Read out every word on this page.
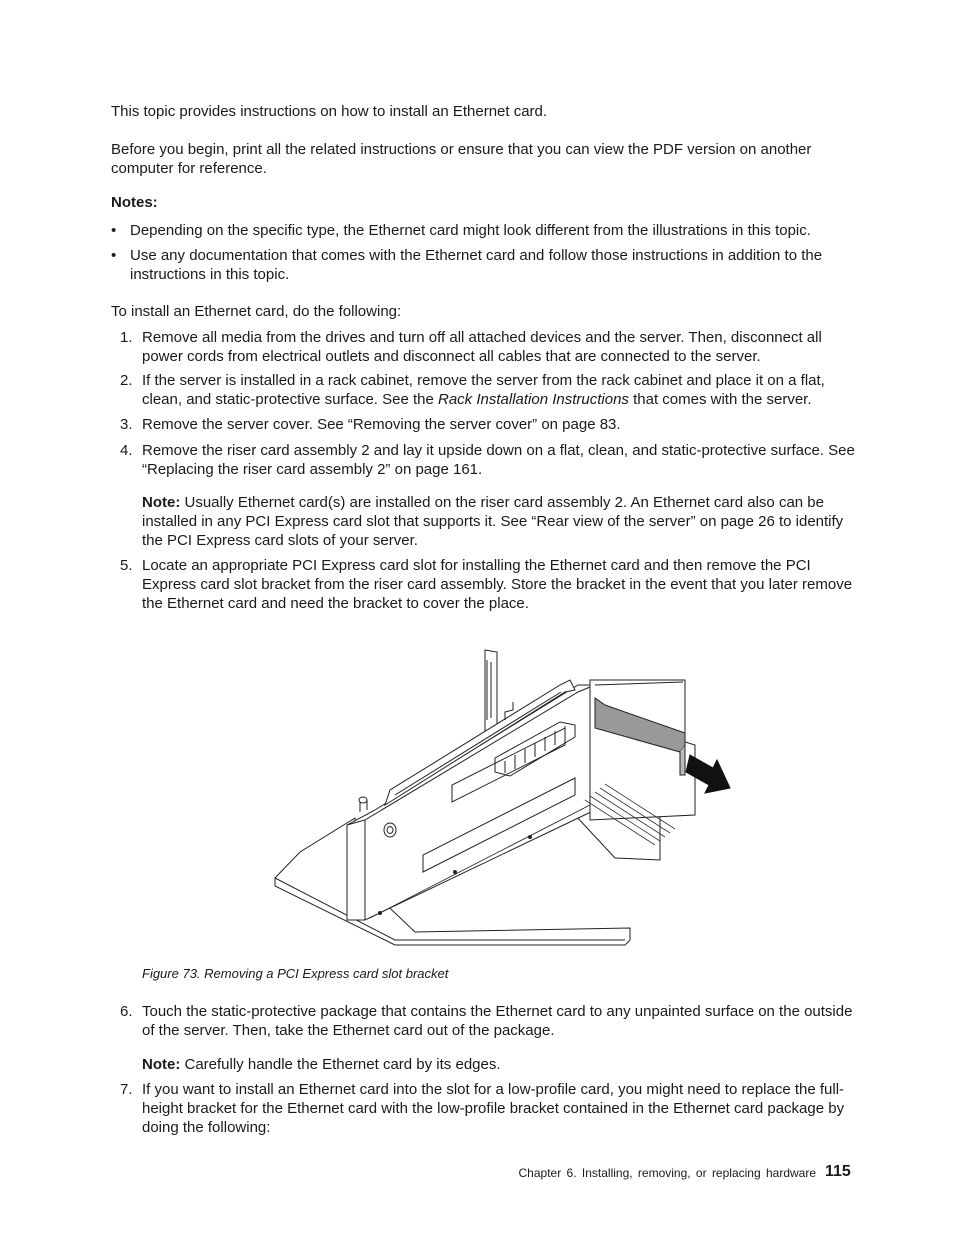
This topic provides instructions on how to install an Ethernet card.

Before you begin, print all the related instructions or ensure that you can view the PDF version on another computer for reference.

Notes:

• Depending on the specific type, the Ethernet card might look different from the illustrations in this topic.
• Use any documentation that comes with the Ethernet card and follow those instructions in addition to the instructions in this topic.

To install an Ethernet card, do the following:

1. Remove all media from the drives and turn off all attached devices and the server. Then, disconnect all power cords from electrical outlets and disconnect all cables that are connected to the server.
2. If the server is installed in a rack cabinet, remove the server from the rack cabinet and place it on a flat, clean, and static-protective surface. See the Rack Installation Instructions that comes with the server.
3. Remove the server cover. See “Removing the server cover” on page 83.
4. Remove the riser card assembly 2 and lay it upside down on a flat, clean, and static-protective surface. See “Replacing the riser card assembly 2” on page 161.
Note: Usually Ethernet card(s) are installed on the riser card assembly 2. An Ethernet card also can be installed in any PCI Express card slot that supports it. See “Rear view of the server” on page 26 to identify the PCI Express card slots of your server.
5. Locate an appropriate PCI Express card slot for installing the Ethernet card and then remove the PCI Express card slot bracket from the riser card assembly. Store the bracket in the event that you later remove the Ethernet card and need the bracket to cover the place.

Figure 73. Removing a PCI Express card slot bracket

6. Touch the static-protective package that contains the Ethernet card to any unpainted surface on the outside of the server. Then, take the Ethernet card out of the package.
Note: Carefully handle the Ethernet card by its edges.
7. If you want to install an Ethernet card into the slot for a low-profile card, you might need to replace the full-height bracket for the Ethernet card with the low-profile bracket contained in the Ethernet card package by doing the following:
Chapter 6. Installing, removing, or replacing hardware 115
